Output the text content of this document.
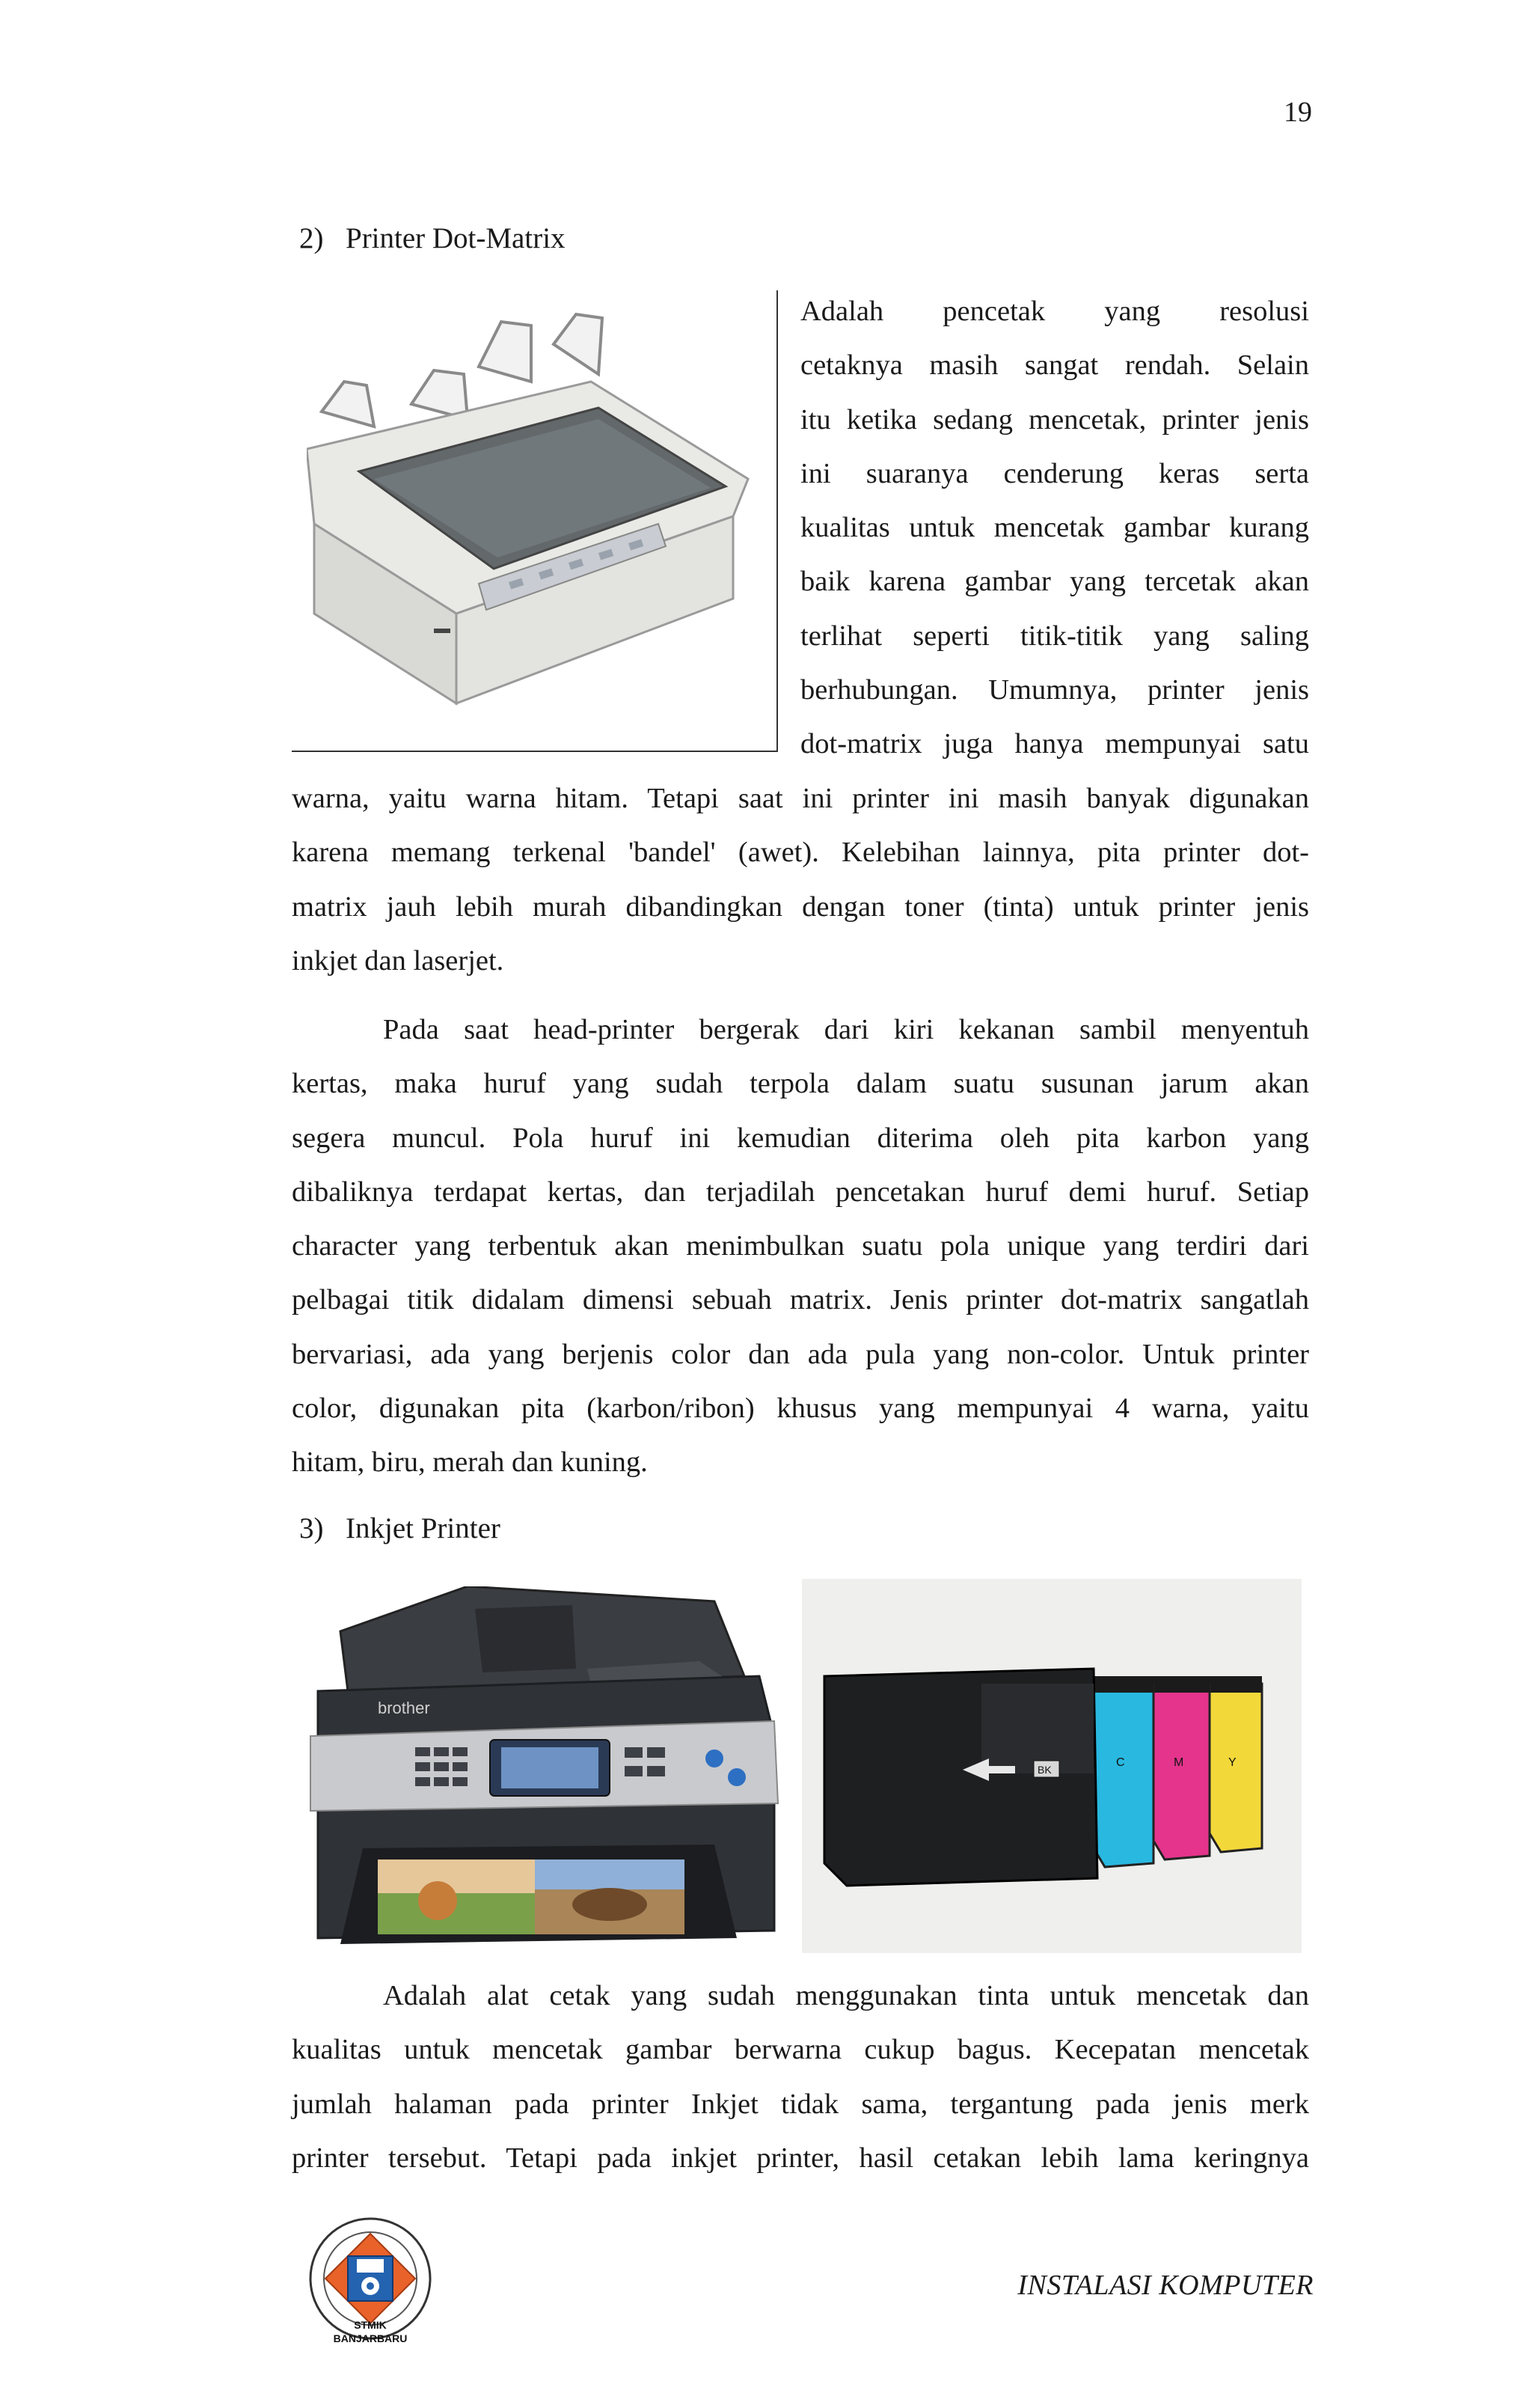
19
2) Printer Dot-Matrix
Adalah pencetak yang resolusi
cetaknya masih sangat rendah. Selain
itu ketika sedang mencetak, printer jenis
ini suaranya cenderung keras serta
kualitas untuk mencetak gambar kurang
baik karena gambar yang tercetak akan
terlihat seperti titik-titik yang saling
berhubungan. Umumnya, printer jenis
dot-matrix juga hanya mempunyai satu
warna, yaitu warna hitam. Tetapi saat ini printer ini masih banyak digunakan
karena memang terkenal 'bandel' (awet). Kelebihan lainnya, pita printer dot-
matrix jauh lebih murah dibandingkan dengan toner (tinta) untuk printer jenis
inkjet dan laserjet.
Pada saat head-printer bergerak dari kiri kekanan sambil menyentuh
kertas, maka huruf yang sudah terpola dalam suatu susunan jarum akan
segera muncul. Pola huruf ini kemudian diterima oleh pita karbon yang
dibaliknya terdapat kertas, dan terjadilah pencetakan huruf demi huruf. Setiap
character yang terbentuk akan menimbulkan suatu pola unique yang terdiri dari
pelbagai titik didalam dimensi sebuah matrix. Jenis printer dot-matrix sangatlah
bervariasi, ada yang berjenis color dan ada pula yang non-color. Untuk printer
color, digunakan pita (karbon/ribon) khusus yang mempunyai 4 warna, yaitu
hitam, biru, merah dan kuning.
3) Inkjet Printer
brother
Y
M
C
BK
Adalah alat cetak yang sudah menggunakan tinta untuk mencetak dan
kualitas untuk mencetak gambar berwarna cukup bagus. Kecepatan mencetak
jumlah halaman pada printer Inkjet tidak sama, tergantung pada jenis merk
printer tersebut. Tetapi pada inkjet printer, hasil cetakan lebih lama keringnya
STMIK
BANJARBARU
INSTALASI KOMPUTER
